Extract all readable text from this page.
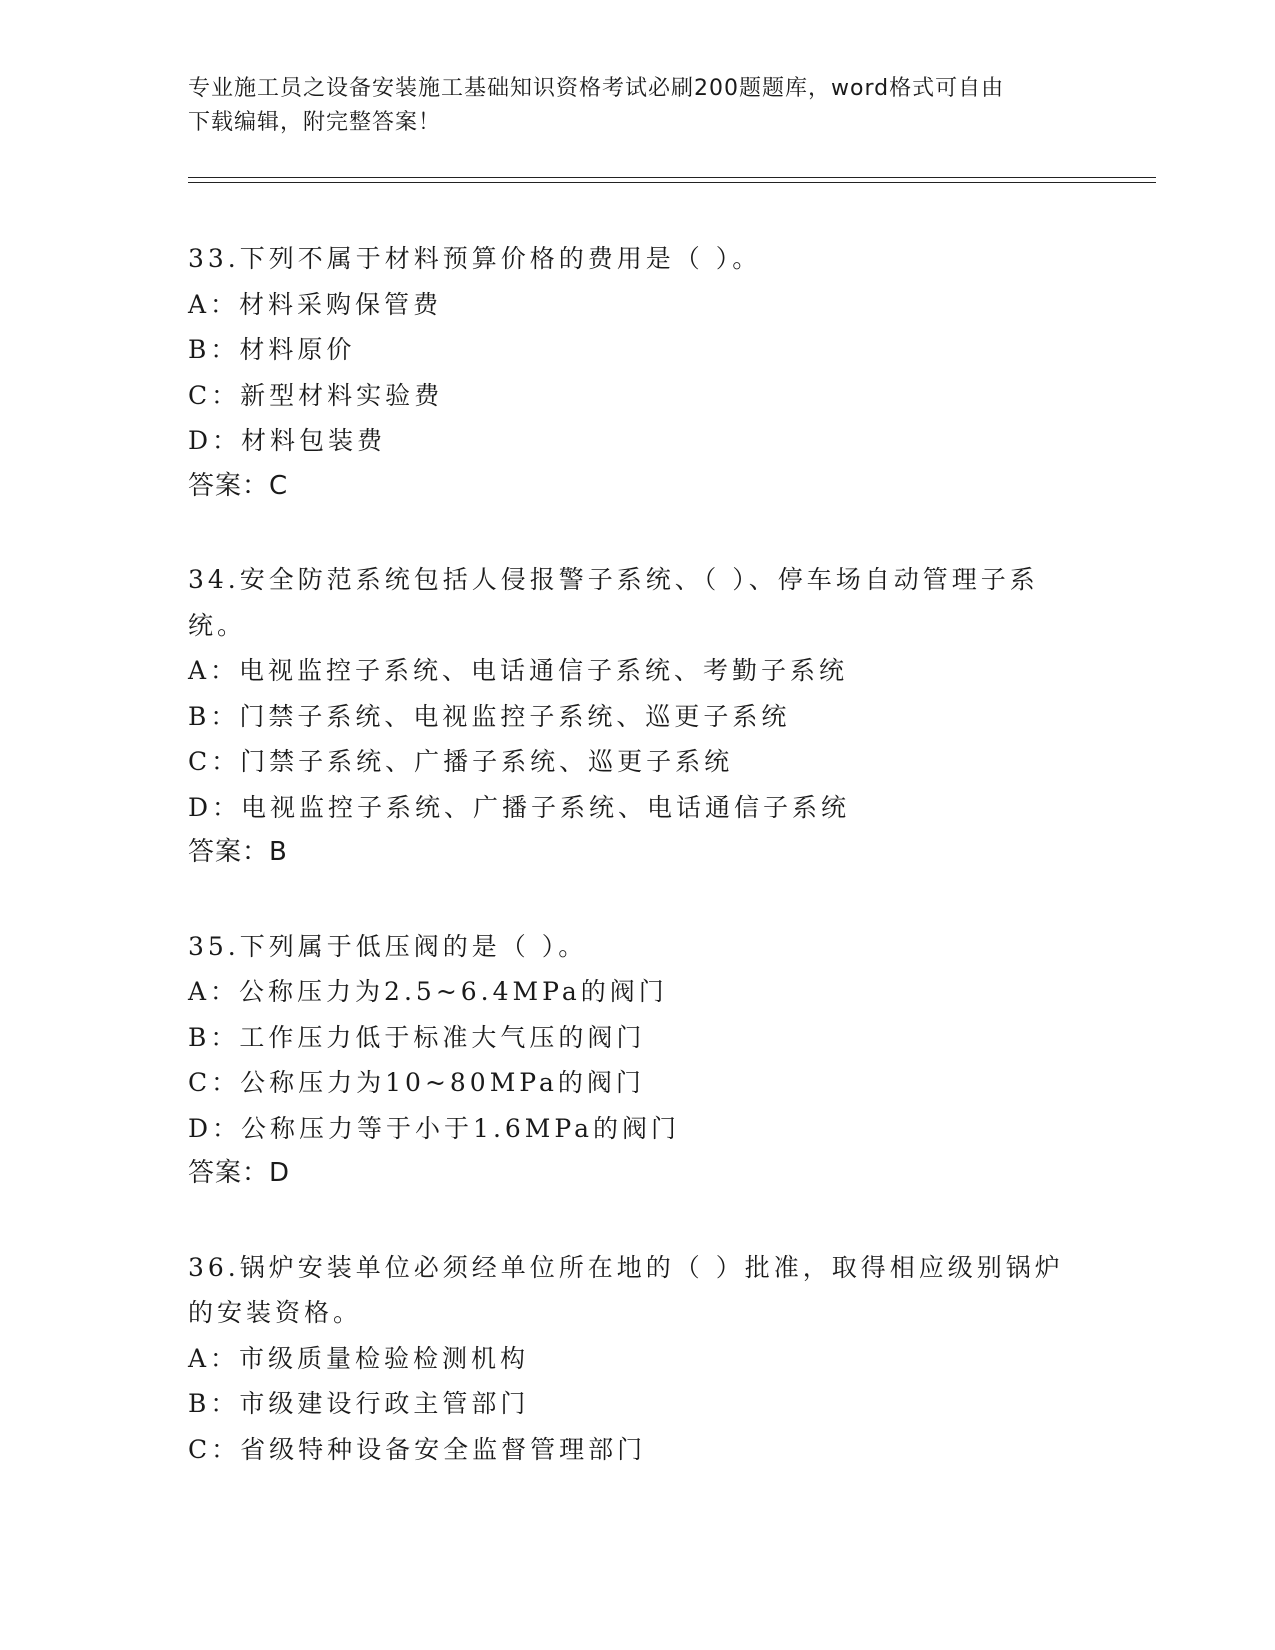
专业施工员之设备安装施工基础知识资格考试必刷200题题库，word格式可自由
下载编辑，附完整答案！

33.下列不属于材料预算价格的费用是（ ）。

A：材料采购保管费

B：材料原价

C：新型材料实验费

D：材料包装费

答案：C

34.安全防范系统包括人侵报警子系统、（ ）、停车场自动管理子系

统。

A：电视监控子系统、电话通信子系统、考勤子系统

B：门禁子系统、电视监控子系统、巡更子系统

C：门禁子系统、广播子系统、巡更子系统

D：电视监控子系统、广播子系统、电话通信子系统

答案：B

35.下列属于低压阀的是（ ）。

A：公称压力为2.5~6.4MPa的阀门

B：工作压力低于标准大气压的阀门

C：公称压力为10~80MPa的阀门

D：公称压力等于小于1.6MPa的阀门

答案：D

36.锅炉安装单位必须经单位所在地的（ ）批准，取得相应级别锅炉

的安装资格。

A：市级质量检验检测机构

B：市级建设行政主管部门

C：省级特种设备安全监督管理部门
